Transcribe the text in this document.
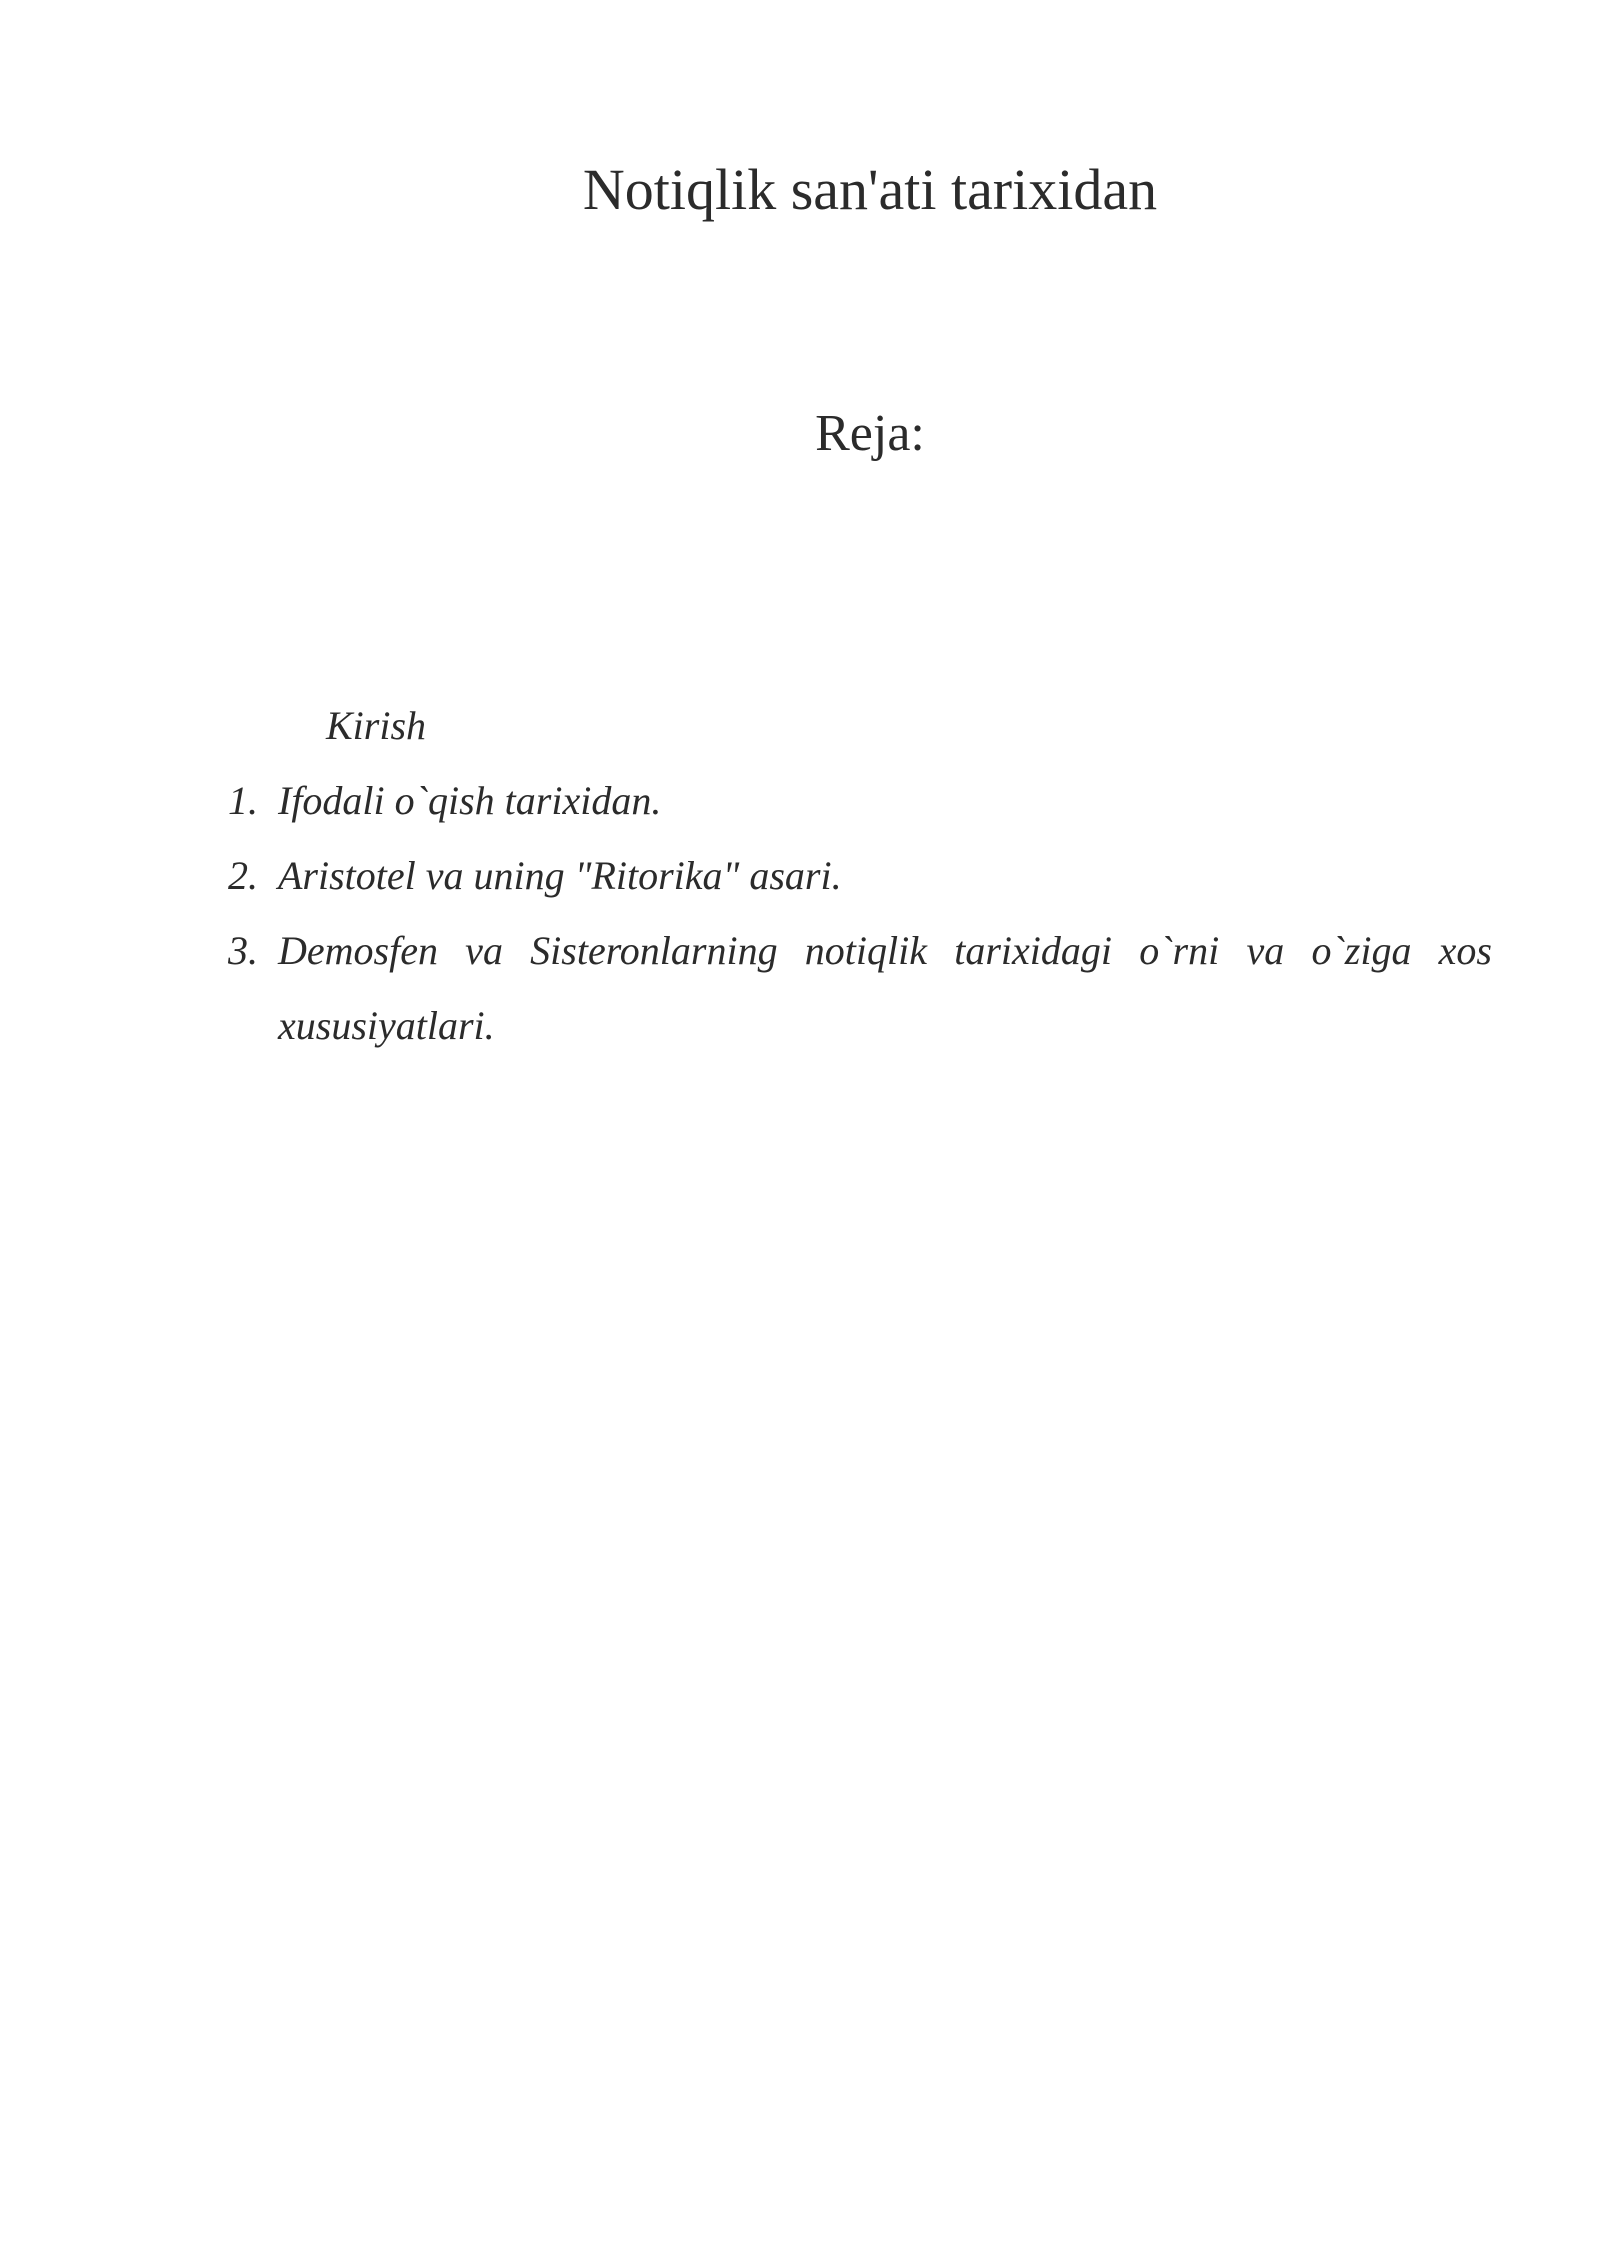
Notiqlik san'ati tarixidan
Reja:

Kirish

1. Ifodali o`qish tarixidan.
2. Aristotel va uning "Ritorika" asari.
3. Demosfen va Sisteronlarning notiqlik tarixidagi o`rni va o`ziga xos xususiyatlari.
